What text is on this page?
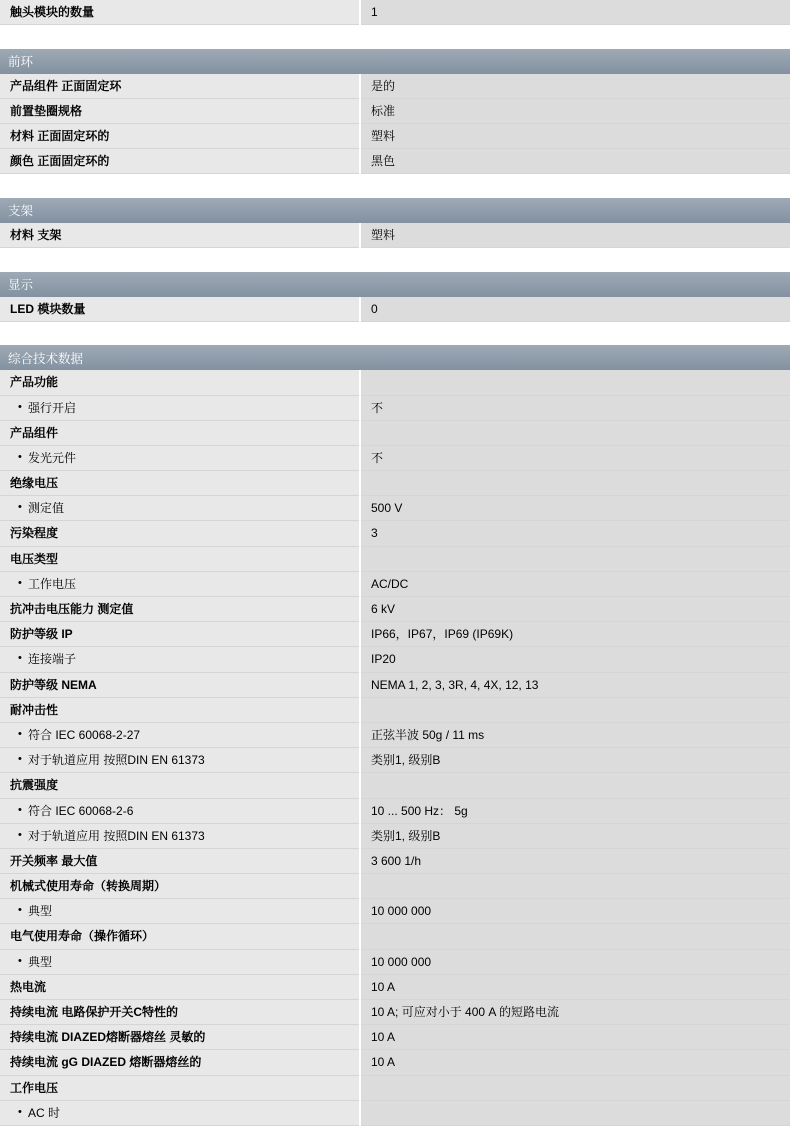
触头模块的数量	1

前环	
产品组件 正面固定环	是的
前置垫圈规格	标准
材料 正面固定环的	塑料
颜色 正面固定环的	黑色

支架	
材料 支架	塑料

显示	
LED 模块数量	0

综合技术数据	
产品功能	
• 强行开启	不
产品组件	
• 发光元件	不
绝缘电压	
• 测定值	500 V
污染程度	3
电压类型	
• 工作电压	AC/DC
抗冲击电压能力 测定值	6 kV
防护等级 IP	IP66，IP67，IP69 (IP69K)
• 连接端子	IP20
防护等级 NEMA	NEMA 1, 2, 3, 3R, 4, 4X, 12, 13
耐冲击性	
• 符合 IEC 60068-2-27	正弦半波 50g / 11 ms
• 对于轨道应用 按照DIN EN 61373	类别1, 级别B
抗震强度	
• 符合 IEC 60068-2-6	10 ... 500 Hz： 5g
• 对于轨道应用 按照DIN EN 61373	类别1, 级别B
开关频率 最大值	3 600 1/h
机械式使用寿命（转换周期）	
• 典型	10 000 000
电气使用寿命（操作循环）	
• 典型	10 000 000
热电流	10 A
持续电流 电路保护开关C特性的	10 A; 可应对小于 400 A 的短路电流
持续电流 DIAZED熔断器熔丝 灵敏的	10 A
持续电流 gG DIAZED 熔断器熔丝的	10 A
工作电压	
• AC 时	
